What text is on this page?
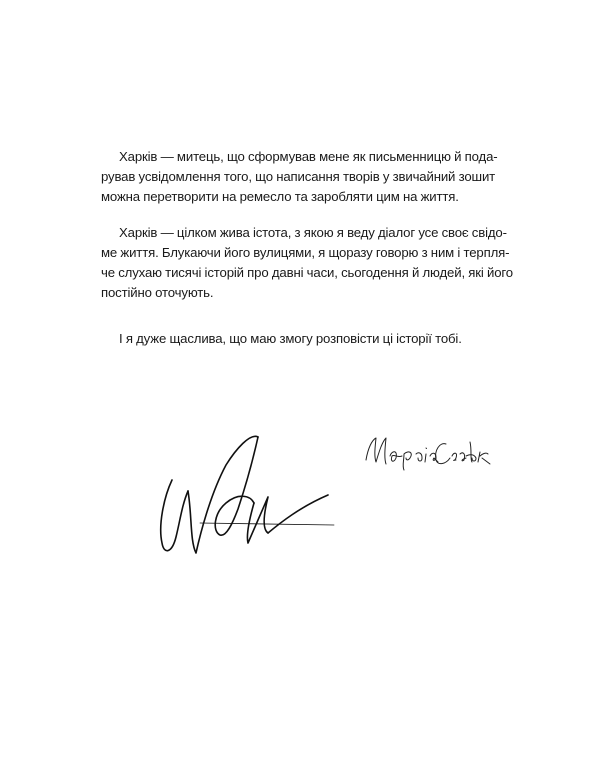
Харків — митець, що сформував мене як письменницю й пода-
рував усвідомлення того, що написання творів у звичайний зошит
можна перетворити на ремесло та заробляти цим на життя.
Харків — цілком жива істота, з якою я веду діалог усе своє свідо-
ме життя. Блукаючи його вулицями, я щоразу говорю з ним і терпля-
че слухаю тисячі історій про давні часи, сьогодення й людей, які його
постійно оточують.
І я дуже щаслива, що маю змогу розповісти ці історії тобі.
